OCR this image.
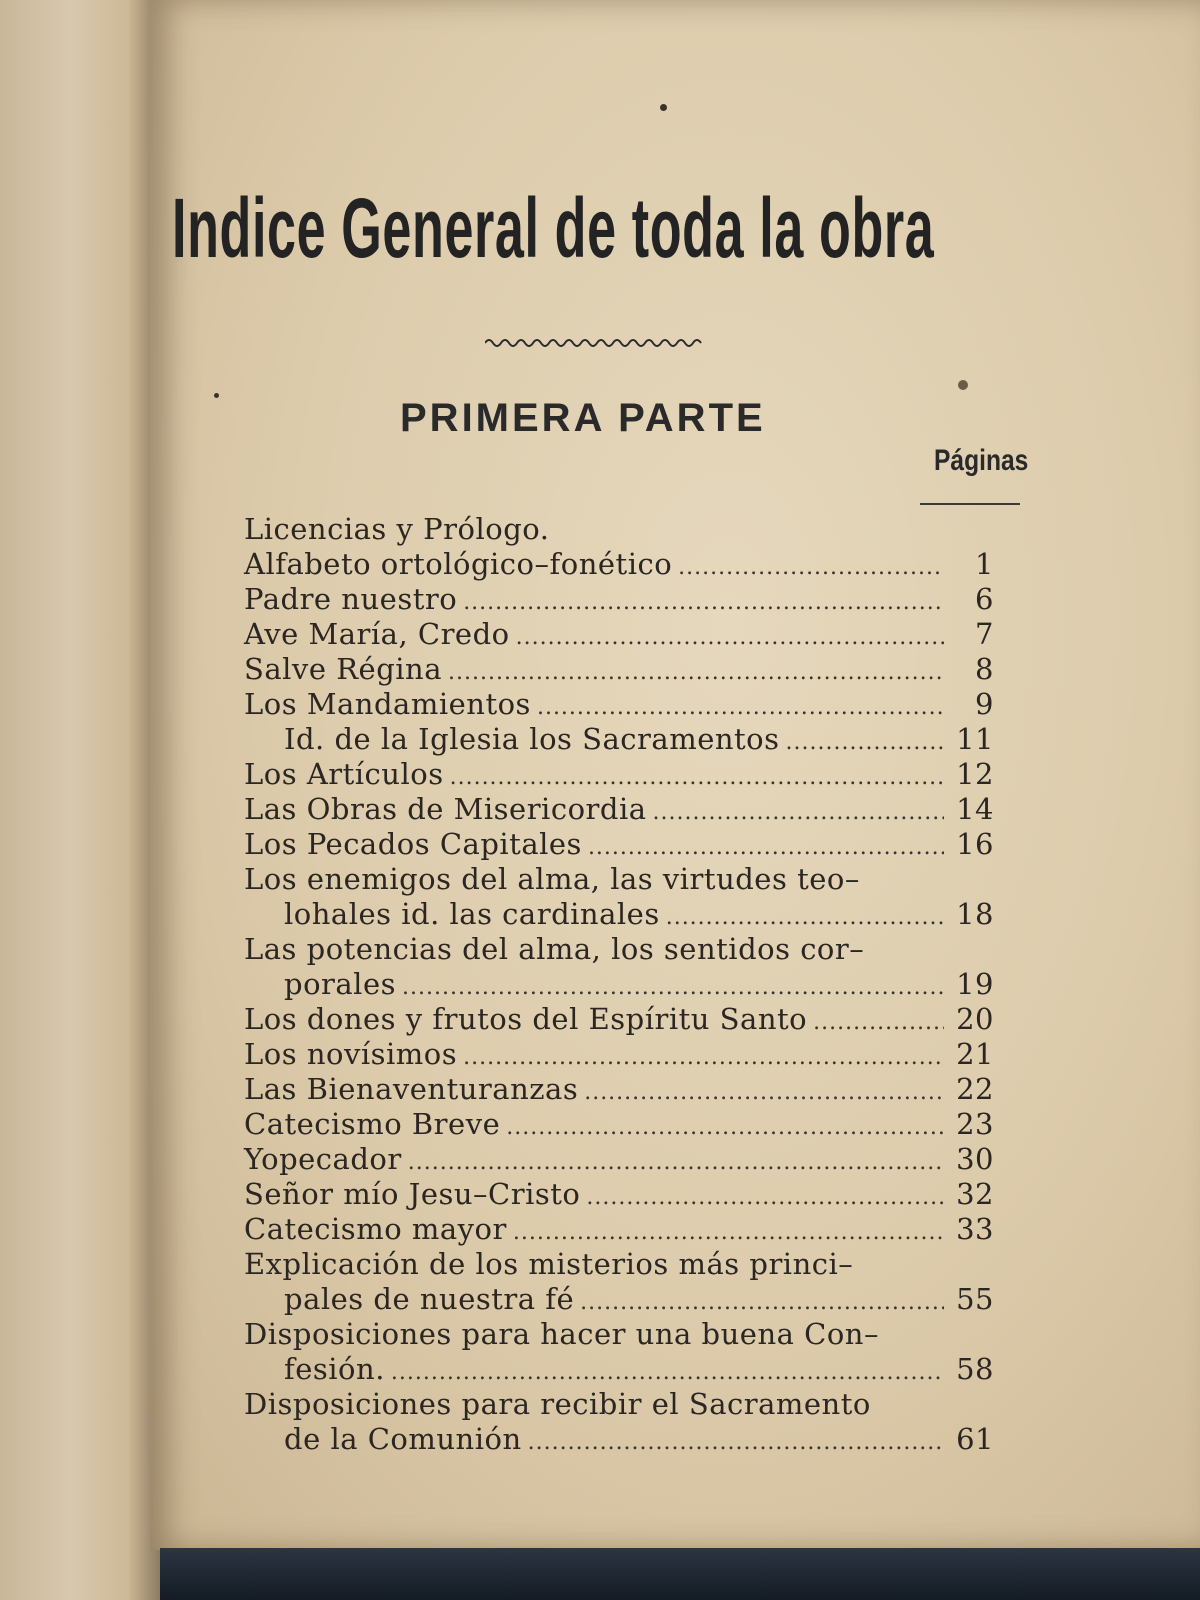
Indice General de toda la obra
PRIMERA PARTE
Páginas
Licencias y Prólogo.
Alfabeto ortológico–fonético .....	1
Padre nuestro .....	6
Ave María, Credo .....	7
Salve Régina .....	8
Los Mandamientos .....	9
Id. de la Iglesia los Sacramentos .....	11
Los Artículos .....	12
Las Obras de Misericordia .....	14
Los Pecados Capitales .....	16
Los enemigos del alma, las virtudes teo–
lohales id. las cardinales .....	18
Las potencias del alma, los sentidos cor–
porales .....	19
Los dones y frutos del Espíritu Santo .....	20
Los novísimos .....	21
Las Bienaventuranzas .....	22
Catecismo Breve .....	23
Yopecador .....	30
Señor mío Jesu–Cristo .....	32
Catecismo mayor .....	33
Explicación de los misterios más princi–
pales de nuestra fé .....	55
Disposiciones para hacer una buena Con–
fesión. .....	58
Disposiciones para recibir el Sacramento
de la Comunión .....	61
